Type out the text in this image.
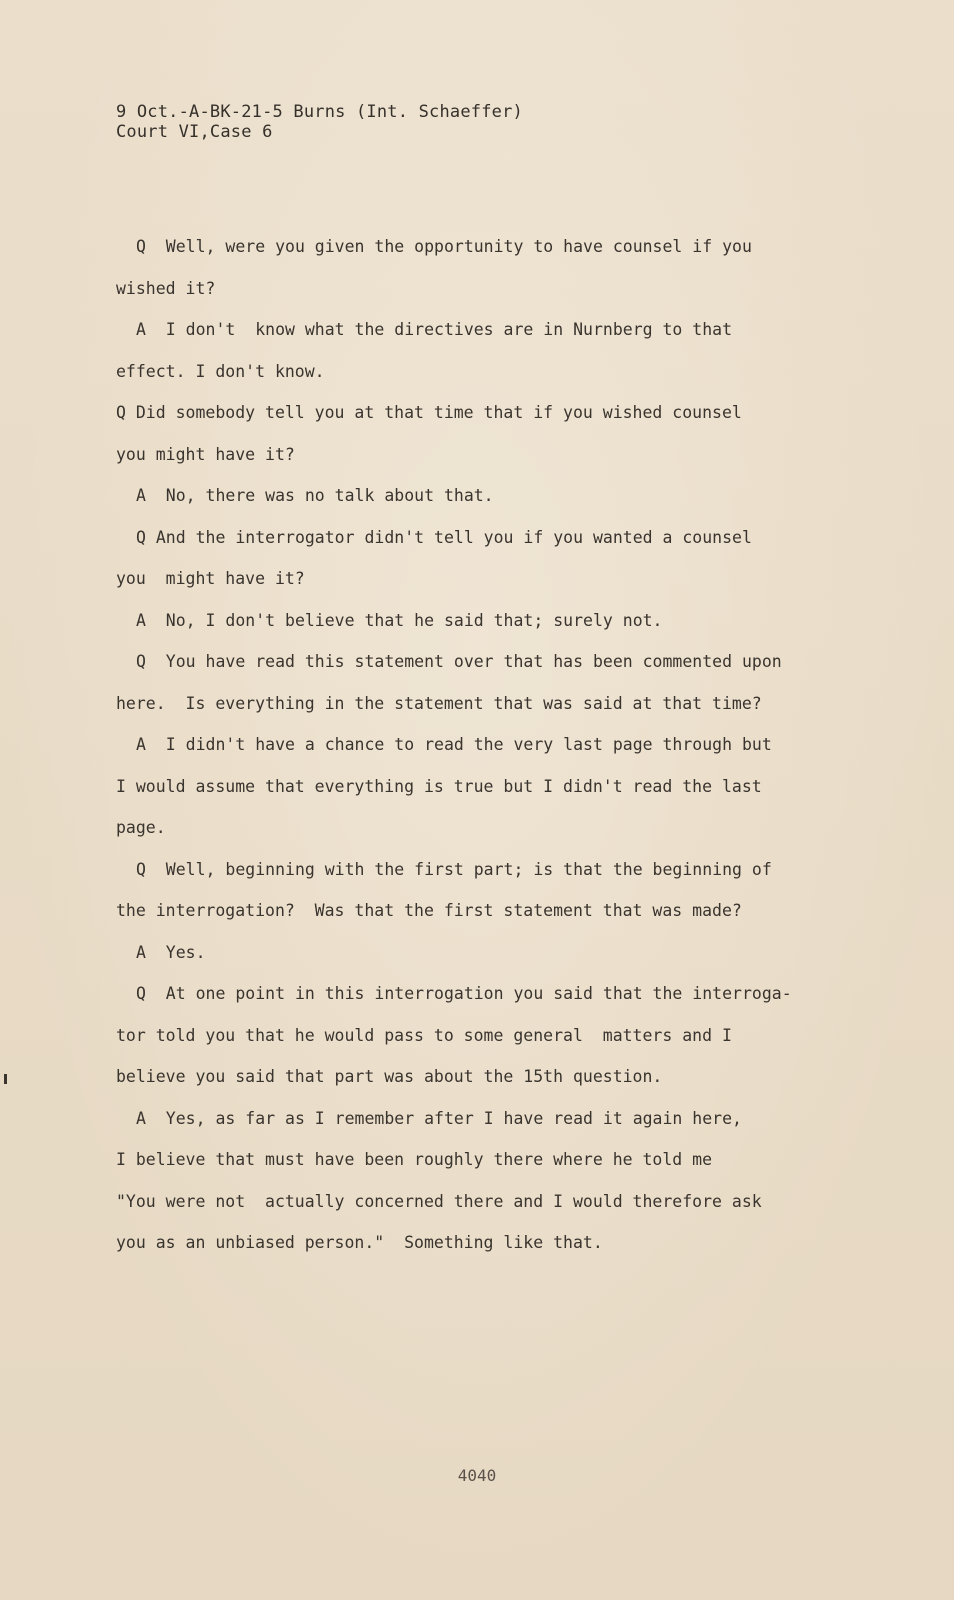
9 Oct.-A-BK-21-5 Burns (Int. Schaeffer)
Court VI,Case 6
Q  Well, were you given the opportunity to have counsel if you
wished it?
A  I don't  know what the directives are in Nurnberg to that
effect. I don't know.
Q Did somebody tell you at that time that if you wished counsel
you might have it?
A  No, there was no talk about that.
Q And the interrogator didn't tell you if you wanted a counsel
you  might have it?
A  No, I don't believe that he said that; surely not.
Q  You have read this statement over that has been commented upon
here.  Is everything in the statement that was said at that time?
A  I didn't have a chance to read the very last page through but
I would assume that everything is true but I didn't read the last
page.
Q  Well, beginning with the first part; is that the beginning of
the interrogation?  Was that the first statement that was made?
A  Yes.
Q  At one point in this interrogation you said that the interroga-
tor told you that he would pass to some general  matters and I
believe you said that part was about the 15th question.
A  Yes, as far as I remember after I have read it again here,
I believe that must have been roughly there where he told me
"You were not  actually concerned there and I would therefore ask
you as an unbiased person."  Something like that.
4040
